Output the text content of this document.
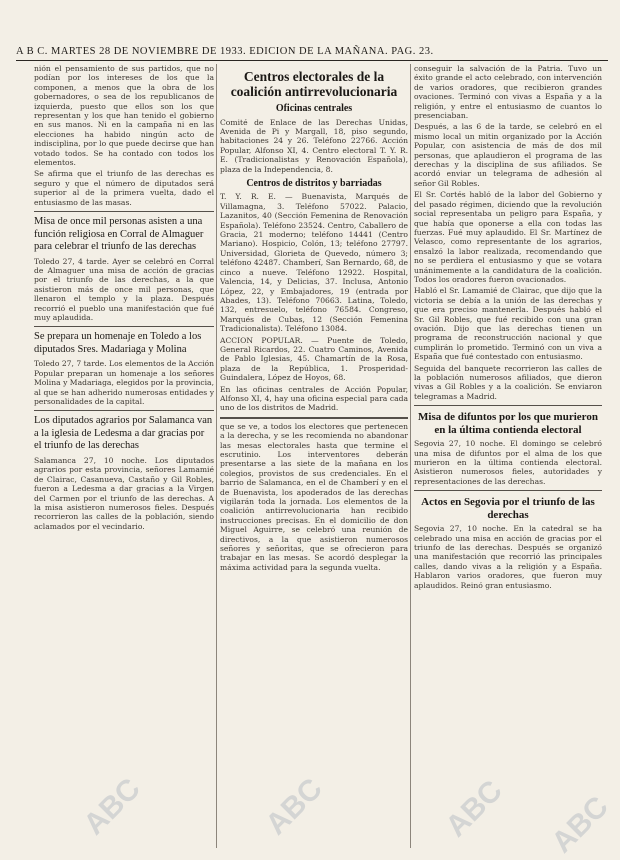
A B C. MARTES 28 DE NOVIEMBRE DE 1933. EDICION DE LA MAÑANA. PAG. 23.

nión el pensamiento de sus partidos, que no podían por los intereses de los que la componen, a menos que la obra de los gobernadores, o sea de los republicanos de izquierda, puesto que ellos son los que representan y los que han tenido el gobierno en sus manos. Ni en la campaña ni en las elecciones ha habido ningún acto de indisciplina, por lo que puede decirse que han votado todos. Se ha contado con todos los elementos.

Se afirma que el triunfo de las derechas es seguro y que el número de diputados será superior al de la primera vuelta, dado el entusiasmo de las masas.

Misa de once mil personas asisten a una función religiosa en Corral de Almaguer para celebrar el triunfo de las derechas

Toledo 27, 4 tarde. Ayer se celebró en Corral de Almaguer una misa de acción de gracias por el triunfo de las derechas, a la que asistieron más de once mil personas, que llenaron el templo y la plaza. Después recorrió el pueblo una manifestación que fué muy aplaudida.

Se prepara un homenaje en Toledo a los diputados Sres. Madariaga y Molina

Toledo 27, 7 tarde. Los elementos de la Acción Popular preparan un homenaje a los señores Molina y Madariaga, elegidos por la provincia, al que se han adherido numerosas entidades y personalidades de la capital.

Los diputados agrarios por Salamanca van a la iglesia de Ledesma a dar gracias por el triunfo de las derechas

Salamanca 27, 10 noche. Los diputados agrarios por esta provincia, señores Lamamié de Clairac, Casanueva, Castaño y Gil Robles, fueron a Ledesma a dar gracias a la Virgen del Carmen por el triunfo de las derechas. A la misa asistieron numerosos fieles. Después recorrieron las calles de la población, siendo aclamados por el vecindario.

Centros electorales de la coalición antirrevolucionaria
Oficinas centrales

Comité de Enlace de las Derechas Unidas, Avenida de Pi y Margall, 18, piso segundo, habitaciones 24 y 26. Teléfono 22766. Acción Popular, Alfonso XI, 4. Centro electoral T. Y. R. E. (Tradicionalistas y Renovación Española), plaza de la Independencia, 8.

Centros de distritos y barriadas

T. Y. R. E. — Buenavista, Marqués de Villamagna, 3. Teléfono 57022. Palacio, Lazanitos, 40 (Sección Femenina de Renovación Española). Teléfono 23524. Centro, Caballero de Gracia, 21 moderno; teléfono 14441 (Centro Mariano). Hospicio, Colón, 13; teléfono 27797. Universidad, Glorieta de Quevedo, número 3; teléfono 42487. Chamberí, San Bernardo, 68, de cinco a nueve. Teléfono 12922. Hospital, Valencia, 14, y Delicias, 37. Inclusa, Antonio López, 22, y Embajadores, 19 (entrada por Abades, 13). Teléfono 70663. Latina, Toledo, 132, entresuelo, teléfono 76584. Congreso, Marqués de Cubas, 12 (Sección Femenina Tradicionalista). Teléfono 13084.

ACCION POPULAR. — Puente de Toledo, General Ricardos, 22. Cuatro Caminos, Avenida de Pablo Iglesias, 45. Chamartín de la Rosa, plaza de la República, 1. Prosperidad-Guindalera, López de Hoyos, 68.

En las oficinas centrales de Acción Popular, Alfonso XI, 4, hay una oficina especial para cada uno de los distritos de Madrid.

que se ve, a todos los electores que pertenecen a la derecha, y se les recomienda no abandonar las mesas electorales hasta que termine el escrutinio. Los interventores deberán presentarse a las siete de la mañana en los colegios, provistos de sus credenciales. En el barrio de Salamanca, en el de Chamberí y en el de Buenavista, los apoderados de las derechas vigilarán toda la jornada. Los elementos de la coalición antirrevolucionaria han recibido instrucciones precisas. En el domicilio de don Miguel Aguirre, se celebró una reunión de directivos, a la que asistieron numerosos señores y señoritas, que se ofrecieron para trabajar en las mesas. Se acordó desplegar la máxima actividad para la segunda vuelta.

conseguir la salvación de la Patria. Tuvo un éxito grande el acto celebrado, con intervención de varios oradores, que recibieron grandes ovaciones. Terminó con vivas a España y a la religión, y entre el entusiasmo de cuantos lo presenciaban.

Después, a las 6 de la tarde, se celebró en el mismo local un mitin organizado por la Acción Popular, con asistencia de más de dos mil personas, que aplaudieron el programa de las derechas y la disciplina de sus afiliados. Se acordó enviar un telegrama de adhesión al señor Gil Robles.

El Sr. Cortés habló de la labor del Gobierno y del pasado régimen, diciendo que la revolución social representaba un peligro para España, y que había que oponerse a ella con todas las fuerzas. Fué muy aplaudido. El Sr. Martínez de Velasco, como representante de los agrarios, ensalzó la labor realizada, recomendando que no se perdiera el entusiasmo y que se votara unánimemente a la candidatura de la coalición. Todos los oradores fueron ovacionados.

Habló el Sr. Lamamié de Clairac, que dijo que la victoria se debía a la unión de las derechas y que era preciso mantenerla. Después habló el Sr. Gil Robles, que fué recibido con una gran ovación. Dijo que las derechas tienen un programa de reconstrucción nacional y que cumplirán lo prometido. Terminó con un viva a España que fué contestado con entusiasmo.

Seguida del banquete recorrieron las calles de la población numerosos afiliados, que dieron vivas a Gil Robles y a la coalición. Se enviaron telegramas a Madrid.

Misa de difuntos por los que murieron en la última contienda electoral

Segovia 27, 10 noche. El domingo se celebró una misa de difuntos por el alma de los que murieron en la última contienda electoral. Asistieron numerosos fieles, autoridades y representaciones de las derechas.

Actos en Segovia por el triunfo de las derechas

Segovia 27, 10 noche. En la catedral se ha celebrado una misa en acción de gracias por el triunfo de las derechas. Después se organizó una manifestación que recorrió las principales calles, dando vivas a la religión y a España. Hablaron varios oradores, que fueron muy aplaudidos. Reinó gran entusiasmo.

ABC	ABC	ABC ABC
